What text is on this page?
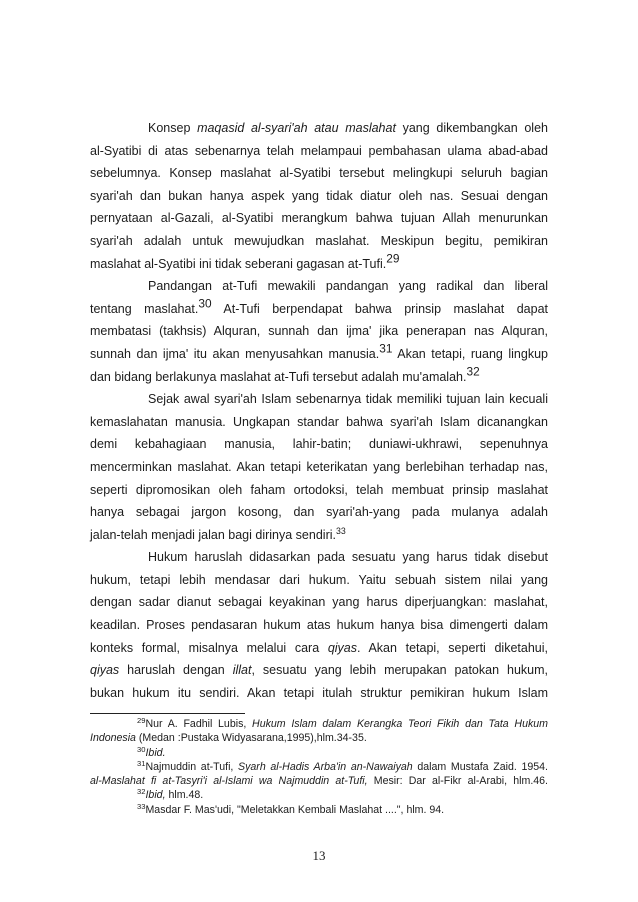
Konsep maqasid al-syari'ah atau maslahat yang dikembangkan oleh
al-Syatibi di atas sebenarnya telah melampaui pembahasan ulama abad-abad
sebelumnya. Konsep maslahat al-Syatibi tersebut melingkupi seluruh bagian
syari'ah dan bukan hanya aspek yang tidak diatur oleh nas. Sesuai dengan
pernyataan al-Gazali, al-Syatibi merangkum bahwa tujuan Allah menurunkan
syari'ah adalah untuk mewujudkan maslahat. Meskipun begitu, pemikiran
maslahat al-Syatibi ini tidak seberani gagasan at-Tufi.29
Pandangan at-Tufi mewakili pandangan yang radikal dan liberal
tentang maslahat.30 At-Tufi berpendapat bahwa prinsip maslahat dapat
membatasi (takhsis) Alquran, sunnah dan ijma' jika penerapan nas Alquran,
sunnah dan ijma' itu akan menyusahkan manusia.31 Akan tetapi, ruang lingkup
dan bidang berlakunya maslahat at-Tufi tersebut adalah mu'amalah.32
Sejak awal syari'ah Islam sebenarnya tidak memiliki tujuan lain kecuali
kemaslahatan manusia. Ungkapan standar bahwa syari'ah Islam dicanangkan
demi kebahagiaan manusia, lahir-batin; duniawi-ukhrawi, sepenuhnya
mencerminkan maslahat. Akan tetapi keterikatan yang berlebihan terhadap nas,
seperti dipromosikan oleh faham ortodoksi, telah membuat prinsip maslahat
hanya sebagai jargon kosong, dan syari'ah-yang pada mulanya adalah
jalan-telah menjadi jalan bagi dirinya sendiri.$^{33}$
Hukum haruslah didasarkan pada sesuatu yang harus tidak disebut
hukum, tetapi lebih mendasar dari hukum. Yaitu sebuah sistem nilai yang
dengan sadar dianut sebagai keyakinan yang harus diperjuangkan: maslahat,
keadilan. Proses pendasaran hukum atas hukum hanya bisa dimengerti dalam
konteks formal, misalnya melalui cara qiyas. Akan tetapi, seperti diketahui,
qiyas haruslah dengan illat, sesuatu yang lebih merupakan patokan hukum,
bukan hukum itu sendiri. Akan tetapi itulah struktur pemikiran hukum Islam
$^{29}$Nur A. Fadhil Lubis, Hukum Islam dalam Kerangka Teori Fikih dan Tata Hukum
Indonesia (Medan :Pustaka Widyasarana,1995),hlm.34-35.
$^{30}$Ibid.
$^{31}$Najmuddin at-Tufi, Syarh al-Hadis Arba'in an-Nawaiyah dalam Mustafa Zaid. 1954.
al-Maslahat fi at-Tasyri'i al-Islami wa Najmuddin at-Tufi, Mesir: Dar al-Fikr al-Arabi, hlm.46.
$^{32}$Ibid, hlm.48.
$^{33}$Masdar F. Mas'udi, "Meletakkan Kembali Maslahat ....", hlm. 94.
13
